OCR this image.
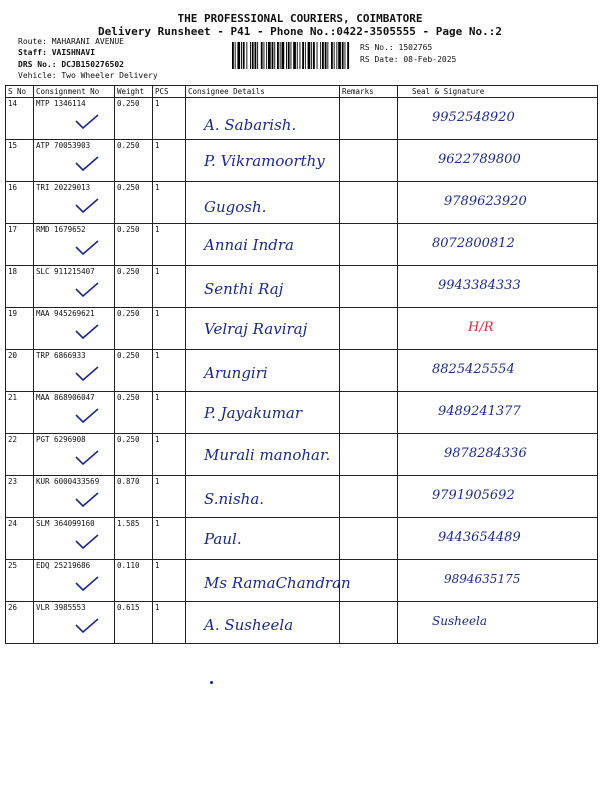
THE PROFESSIONAL COURIERS, COIMBATORE
Delivery Runsheet - P41 - Phone No.:0422-3505555 - Page No.:2
Route: MAHARANI AVENUE
Staff: VAISHNAVI
DRS No.: DCJB150276502
Vehicle: Two Wheeler Delivery
RS No.: 1502765
RS Date: 08-Feb-2025
S No	Consignment No	Weight	PCS	Consignee Details	Remarks	Seal & Signature
14	MTP 1346114	0.250	1	A. Sabarish.		9952548920

15	ATP 70053903	0.250	1	P. Vikramoorthy		9622789800

16	TRI 20229013	0.250	1	Gugosh.		9789623920

17	RMD 1679652	0.250	1	Annai Indra		8072800812

18	SLC 911215407	0.250	1	Senthi Raj		9943384333

19	MAA 945269621	0.250	1	Velraj Raviraj		H/R

20	TRP 6866933	0.250	1	Arungiri		8825425554

21	MAA 868906047	0.250	1	P. Jayakumar		9489241377

22	PGT 6296908	0.250	1	Murali manohar.		9878284336

23	KUR 6000433569	0.870	1	S.nisha.		9791905692

24	SLM 364099160	1.585	1	Paul.		9443654489

25	EDQ 25219686	0.110	1	Ms RamaChandran		9894635175

26	VLR 3985553	0.615	1	A. Susheela		Susheela
